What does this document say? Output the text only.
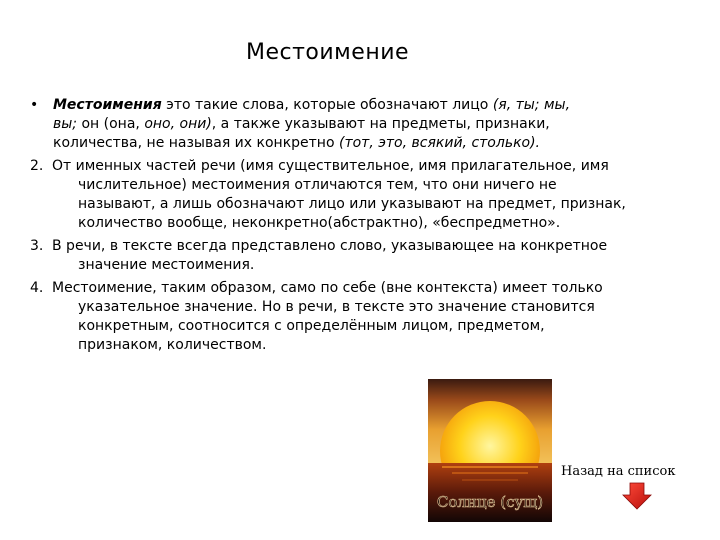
Местоимение
•	Местоимения это такие слова, которые обозначают лицо (я, ты; мы,
вы; он (она, оно, они), а также указывают на предметы, признаки,
количества, не называя их конкретно (тот, это, всякий, столько).
2. От именных частей речи (имя существительное, имя прилагательное, имя
числительное) местоимения отличаются тем, что они ничего не
называют, а лишь обозначают лицо или указывают на предмет, признак,
количество вообще, неконкретно(абстрактно), «беспредметно».
3. В речи, в тексте всегда представлено слово, указывающее на конкретное
значение местоимения.
4. Местоимение, таким образом, само по себе (вне контекста) имеет только
указательное значение. Но в речи, в тексте это значение становится
конкретным, соотносится с определённым лицом, предметом,
признаком, количеством.
Солнце (сущ)
Назад на список
